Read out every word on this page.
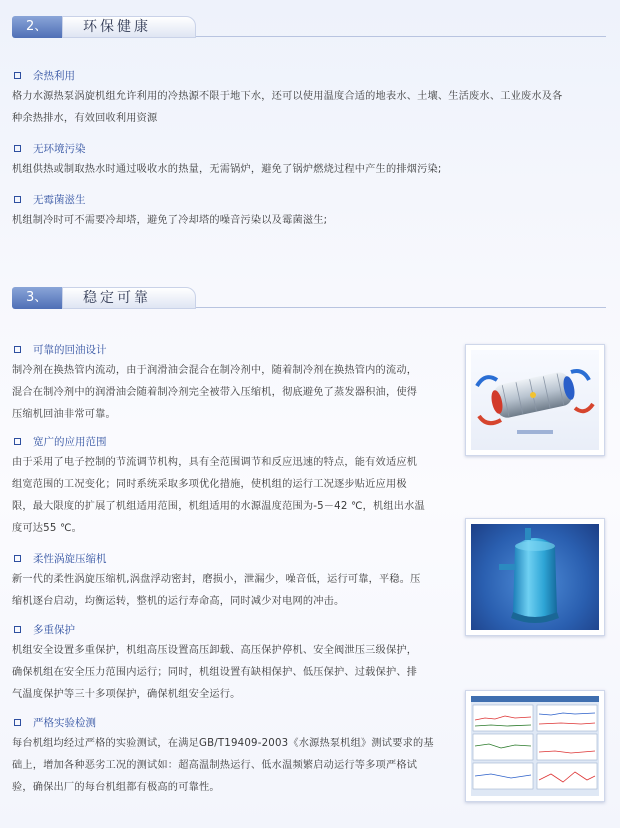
2、	环保健康
余热利用
格力水源热泵涡旋机组允许利用的冷热源不限于地下水，还可以使用温度合适的地表水、土壤、生活废水、工业废水及各
种余热排水，有效回收利用资源
无环境污染
机组供热或制取热水时通过吸收水的热量，无需锅炉，避免了锅炉燃烧过程中产生的排烟污染;
无霉菌滋生
机组制冷时可不需要冷却塔，避免了冷却塔的噪音污染以及霉菌滋生;
3、	稳定可靠
可靠的回油设计
制冷剂在换热管内流动，由于润滑油会混合在制冷剂中，随着制冷剂在换热管内的流动，
混合在制冷剂中的润滑油会随着制冷剂完全被带入压缩机，彻底避免了蒸发器积油，使得
压缩机回油非常可靠。
宽广的应用范围
由于采用了电子控制的节流调节机构，具有全范围调节和反应迅速的特点，能有效适应机
组宽范围的工况变化；同时系统采取多项优化措施，使机组的运行工况逐步贴近应用极
限，最大限度的扩展了机组适用范围，机组适用的水源温度范围为-5－42 ℃，机组出水温
度可达55 ℃。
柔性涡旋压缩机
新一代的柔性涡旋压缩机,涡盘浮动密封，磨损小，泄漏少，噪音低，运行可靠，平稳。压
缩机逐台启动，均衡运转，整机的运行寿命高，同时减少对电网的冲击。
多重保护
机组安全设置多重保护，机组高压设置高压卸载、高压保护停机、安全阀泄压三级保护，
确保机组在安全压力范围内运行；同时，机组设置有缺相保护、低压保护、过载保护、排
气温度保护等三十多项保护，确保机组安全运行。
严格实验检测
每台机组均经过严格的实验测试，在满足GB/T19409-2003《水源热泵机组》测试要求的基
础上，增加各种恶劣工况的测试如：超高温制热运行、低水温频繁启动运行等多项严格试
验，确保出厂的每台机组都有极高的可靠性。
